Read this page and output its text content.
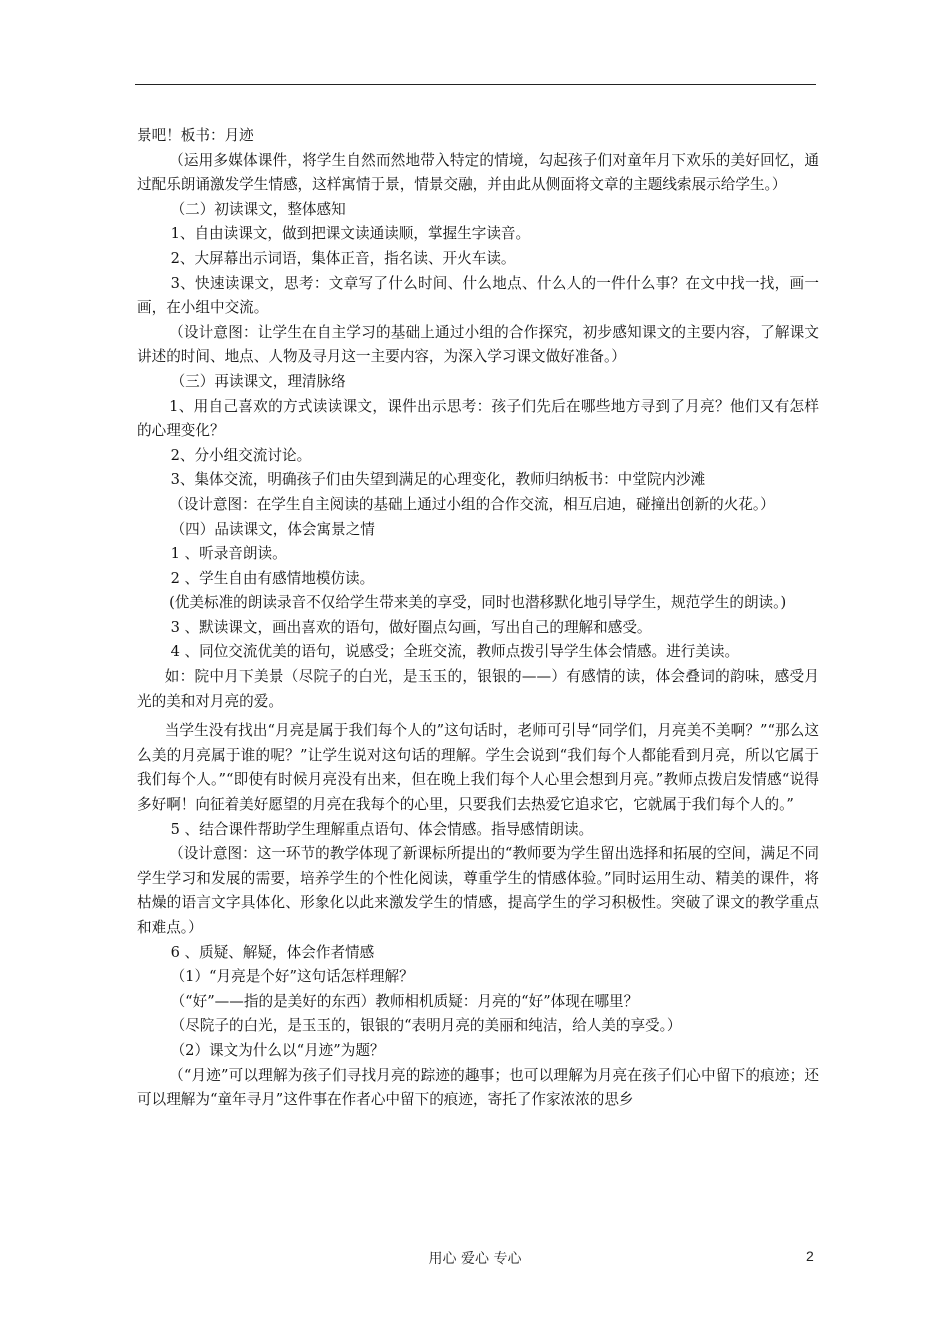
景吧！板书：月迹

（运用多媒体课件，将学生自然而然地带入特定的情境，勾起孩子们对童年月下欢乐的美好回忆，通过配乐朗诵激发学生情感，这样寓情于景，情景交融，并由此从侧面将文章的主题线索展示给学生。）

（二）初读课文，整体感知

1、自由读课文，做到把课文读通读顺，掌握生字读音。

2、大屏幕出示词语，集体正音，指名读、开火车读。

3、快速读课文，思考：文章写了什么时间、什么地点、什么人的一件什么事？在文中找一找，画一画，在小组中交流。

（设计意图：让学生在自主学习的基础上通过小组的合作探究，初步感知课文的主要内容，了解课文讲述的时间、地点、人物及寻月这一主要内容，为深入学习课文做好准备。）

（三）再读课文，理清脉络

1、用自己喜欢的方式读读课文，课件出示思考：孩子们先后在哪些地方寻到了月亮？他们又有怎样的心理变化？

2、分小组交流讨论。

3、集体交流，明确孩子们由失望到满足的心理变化，教师归纳板书：中堂院内沙滩

（设计意图：在学生自主阅读的基础上通过小组的合作交流，相互启迪，碰撞出创新的火花。）

（四）品读课文，体会寓景之情

1 、听录音朗读。

2 、学生自由有感情地模仿读。

(优美标准的朗读录音不仅给学生带来美的享受，同时也潜移默化地引导学生，规范学生的朗读。)

3 、默读课文，画出喜欢的语句，做好圈点勾画，写出自己的理解和感受。

4 、同位交流优美的语句，说感受；全班交流，教师点拨引导学生体会情感。进行美读。

如：院中月下美景（尽院子的白光，是玉玉的，银银的——）有感情的读，体会叠词的韵味，感受月光的美和对月亮的爱。

当学生没有找出“月亮是属于我们每个人的”这句话时，老师可引导“同学们，月亮美不美啊？”“那么这么美的月亮属于谁的呢？”让学生说对这句话的理解。学生会说到“我们每个人都能看到月亮，所以它属于我们每个人。”“即使有时候月亮没有出来，但在晚上我们每个人心里会想到月亮。”教师点拨启发情感“说得多好啊！向征着美好愿望的月亮在我每个的心里，只要我们去热爱它追求它，它就属于我们每个人的。”

5 、结合课件帮助学生理解重点语句、体会情感。指导感情朗读。

（设计意图：这一环节的教学体现了新课标所提出的“教师要为学生留出选择和拓展的空间，满足不同学生学习和发展的需要，培养学生的个性化阅读，尊重学生的情感体验。”同时运用生动、精美的课件，将枯燥的语言文字具体化、形象化以此来激发学生的情感，提高学生的学习积极性。突破了课文的教学重点和难点。）

6 、质疑、解疑，体会作者情感

（1）“月亮是个好”这句话怎样理解？

（“好”——指的是美好的东西）教师相机质疑：月亮的“好”体现在哪里？

（尽院子的白光，是玉玉的，银银的“表明月亮的美丽和纯洁，给人美的享受。）

（2）课文为什么以“月迹”为题？

（“月迹”可以理解为孩子们寻找月亮的踪迹的趣事；也可以理解为月亮在孩子们心中留下的痕迹；还可以理解为“童年寻月”这件事在作者心中留下的痕迹，寄托了作家浓浓的思乡

用心 爱心 专心	2
